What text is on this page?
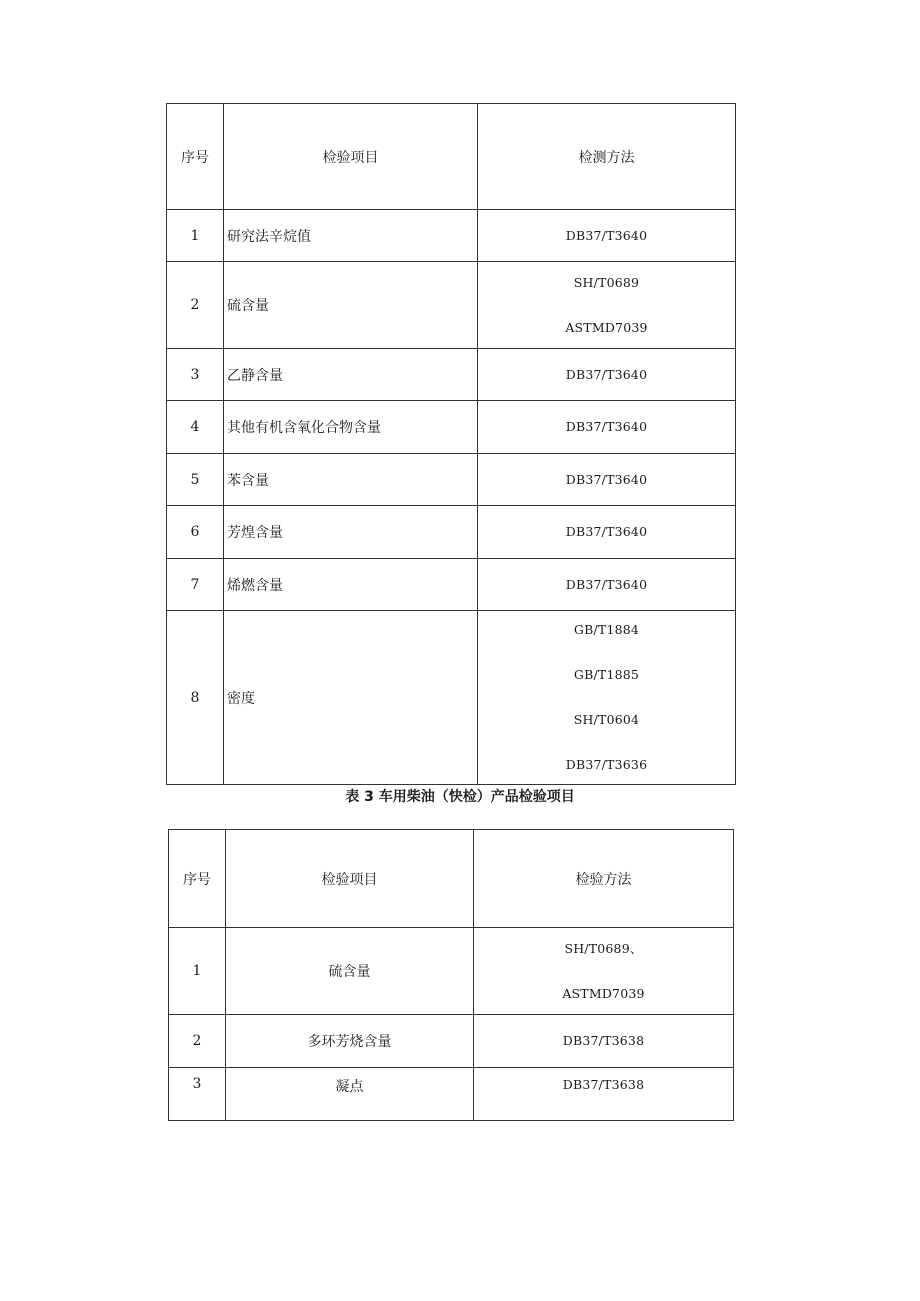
序号	检验项目	检测方法
1	研究法辛烷值	DB37/T3640

2	硫含量	SH/T0689
ASTMD7039

3	乙静含量	DB37/T3640

4	其他有机含氧化合物含量	DB37/T3640

5	苯含量	DB37/T3640

6	芳煌含量	DB37/T3640

7	烯燃含量	DB37/T3640

8	密度	GB/T1884
GB/T1885
SH/T0604
DB37/T3636
表 3 车用柴油（快检）产品检验项目
序号	检验项目	检验方法
1	硫含量	SH/T0689、
ASTMD7039

2	多环芳烧含量	DB37/T3638

3	凝点	DB37/T3638
